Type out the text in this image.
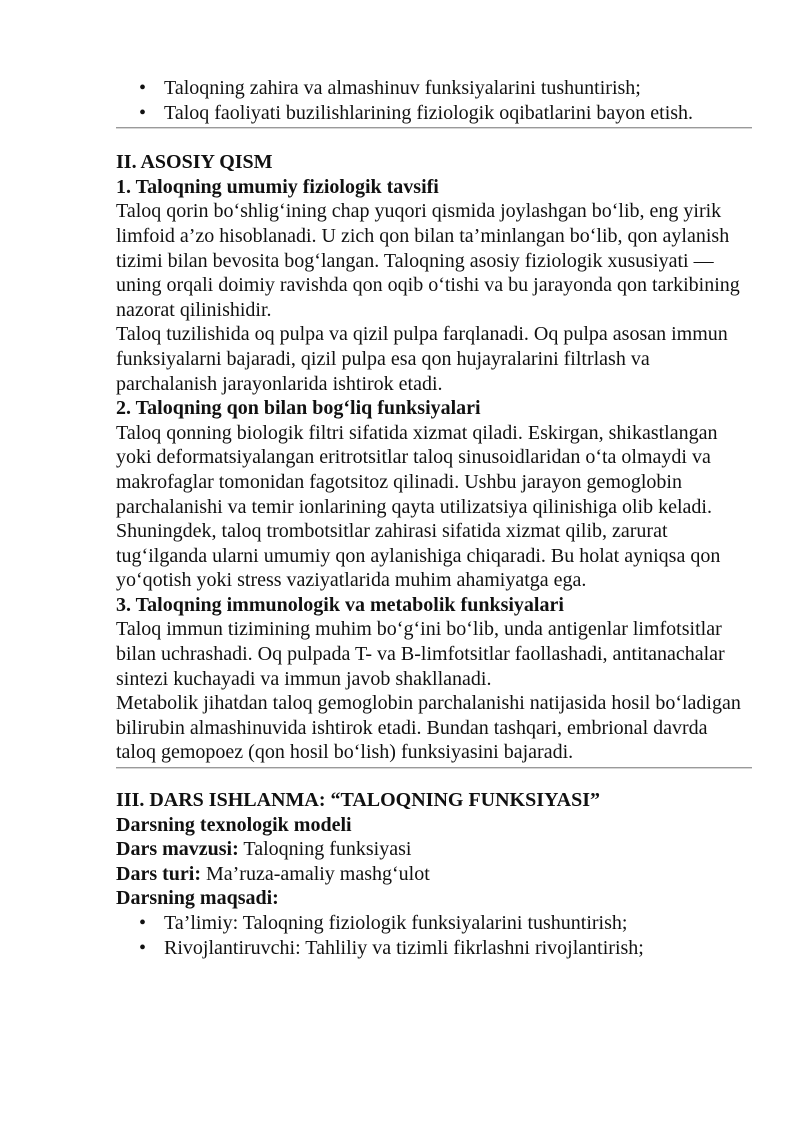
• Taloqning zahira va almashinuv funksiyalarini tushuntirish;
• Taloq faoliyati buzilishlarining fiziologik oqibatlarini bayon etish.
II. ASOSIY QISM
1. Taloqning umumiy fiziologik tavsifi

Taloq qorin bo‘shlig‘ining chap yuqori qismida joylashgan bo‘lib, eng yirik limfoid a’zo hisoblanadi. U zich qon bilan ta’minlangan bo‘lib, qon aylanish tizimi bilan bevosita bog‘langan. Taloqning asosiy fiziologik xususiyati — uning orqali doimiy ravishda qon oqib o‘tishi va bu jarayonda qon tarkibining nazorat qilinishidir.

Taloq tuzilishida oq pulpa va qizil pulpa farqlanadi. Oq pulpa asosan immun funksiyalarni bajaradi, qizil pulpa esa qon hujayralarini filtrlash va parchalanish jarayonlarida ishtirok etadi.

2. Taloqning qon bilan bog‘liq funksiyalari

Taloq qonning biologik filtri sifatida xizmat qiladi. Eskirgan, shikastlangan yoki deformatsiyalangan eritrotsitlar taloq sinusoidlaridan o‘ta olmaydi va makrofaglar tomonidan fagotsitoz qilinadi. Ushbu jarayon gemoglobin parchalanishi va temir ionlarining qayta utilizatsiya qilinishiga olib keladi.

Shuningdek, taloq trombotsitlar zahirasi sifatida xizmat qilib, zarurat tug‘ilganda ularni umumiy qon aylanishiga chiqaradi. Bu holat ayniqsa qon yo‘qotish yoki stress vaziyatlarida muhim ahamiyatga ega.

3. Taloqning immunologik va metabolik funksiyalari

Taloq immun tizimining muhim bo‘g‘ini bo‘lib, unda antigenlar limfotsitlar bilan uchrashadi. Oq pulpada T- va B-limfotsitlar faollashadi, antitanachalar sintezi kuchayadi va immun javob shakllanadi.

Metabolik jihatdan taloq gemoglobin parchalanishi natijasida hosil bo‘ladigan bilirubin almashinuvida ishtirok etadi. Bundan tashqari, embrional davrda taloq gemopoez (qon hosil bo‘lish) funksiyasini bajaradi.

III. DARS ISHLANMA: “TALOQNING FUNKSIYASI”
Darsning texnologik modeli

Dars mavzusi: Taloqning funksiyasi

Dars turi: Ma’ruza-amaliy mashg‘ulot

Darsning maqsadi:
• Ta’limiy: Taloqning fiziologik funksiyalarini tushuntirish;
• Rivojlantiruvchi: Tahliliy va tizimli fikrlashni rivojlantirish;
